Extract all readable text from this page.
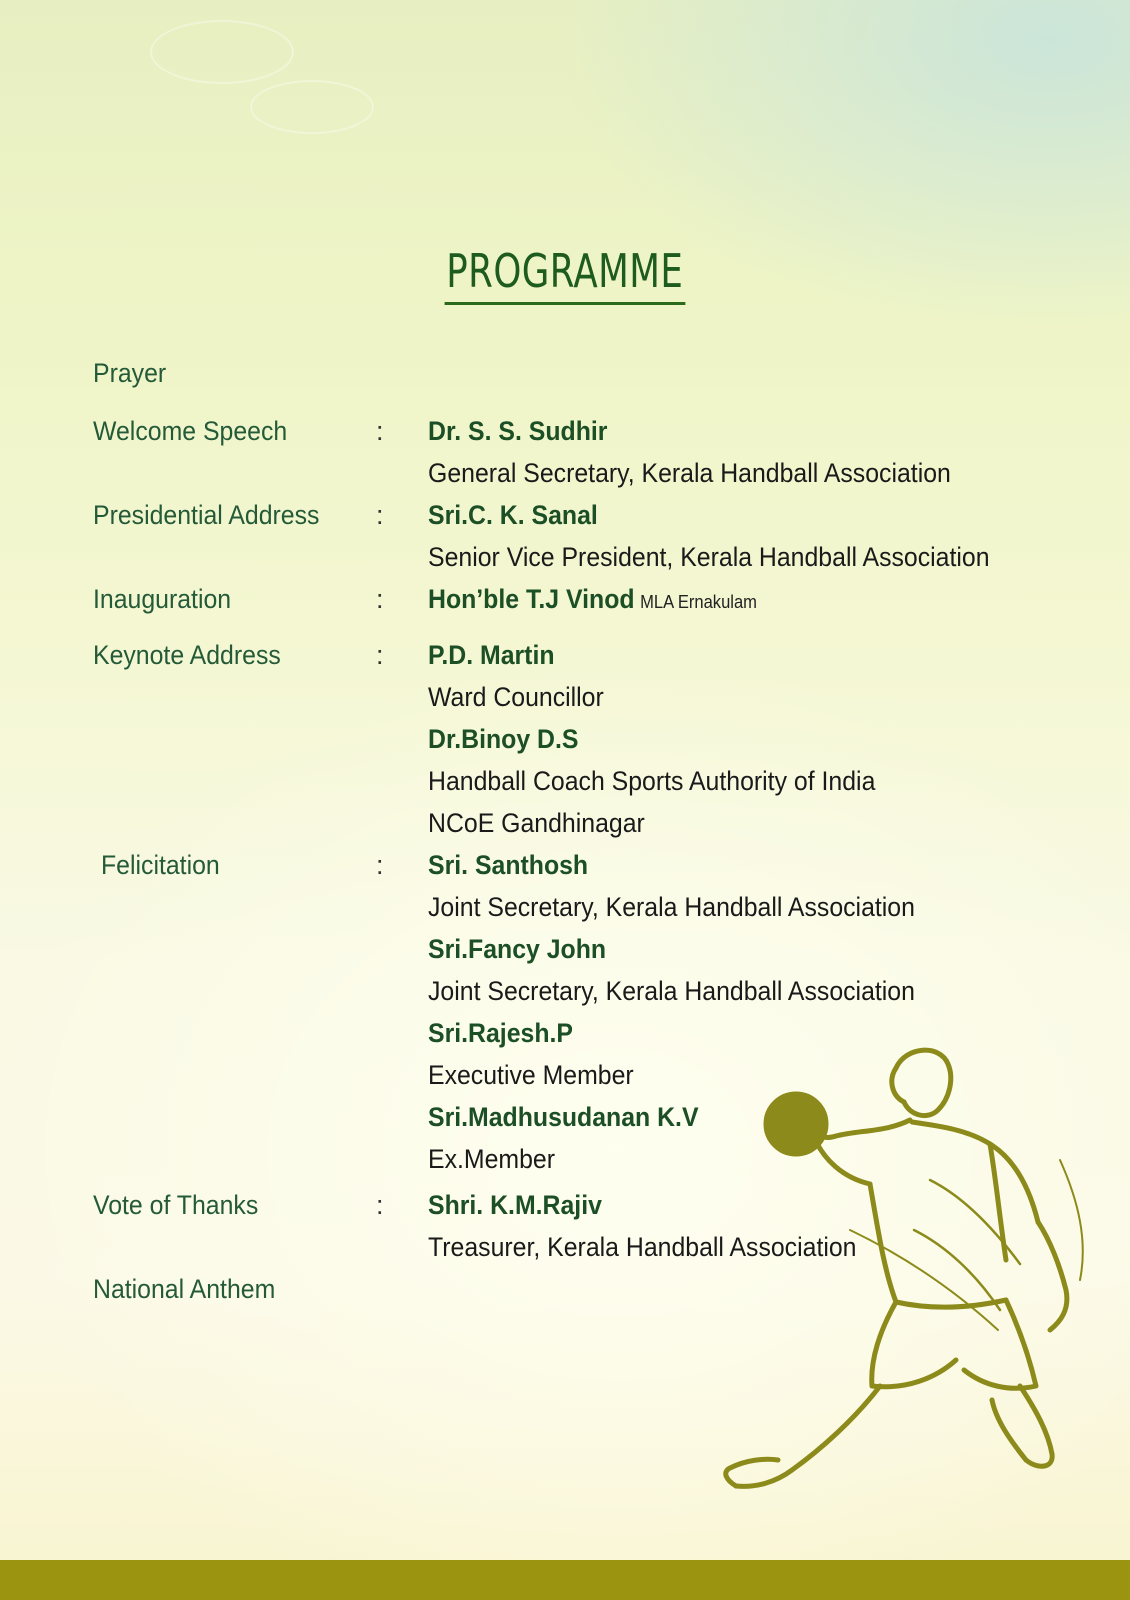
PROGRAMME
Prayer
Welcome Speech	: Dr. S. S. Sudhir
General Secretary, Kerala Handball Association
Presidential Address : Sri.C. K. Sanal
Senior Vice President, Kerala Handball Association
Inauguration	: Hon’ble T.J Vinod MLA Ernakulam
Keynote Address	: P.D. Martin
Ward Councillor
Dr.Binoy D.S
Handball Coach Sports Authority of India
NCoE Gandhinagar
Felicitation	: Sri. Santhosh
Joint Secretary, Kerala Handball Association
Sri.Fancy John
Joint Secretary, Kerala Handball Association
Sri.Rajesh.P
Executive Member
Sri.Madhusudanan K.V
Ex.Member
Vote of Thanks	: Shri. K.M.Rajiv
Treasurer, Kerala Handball Association
National Anthem
